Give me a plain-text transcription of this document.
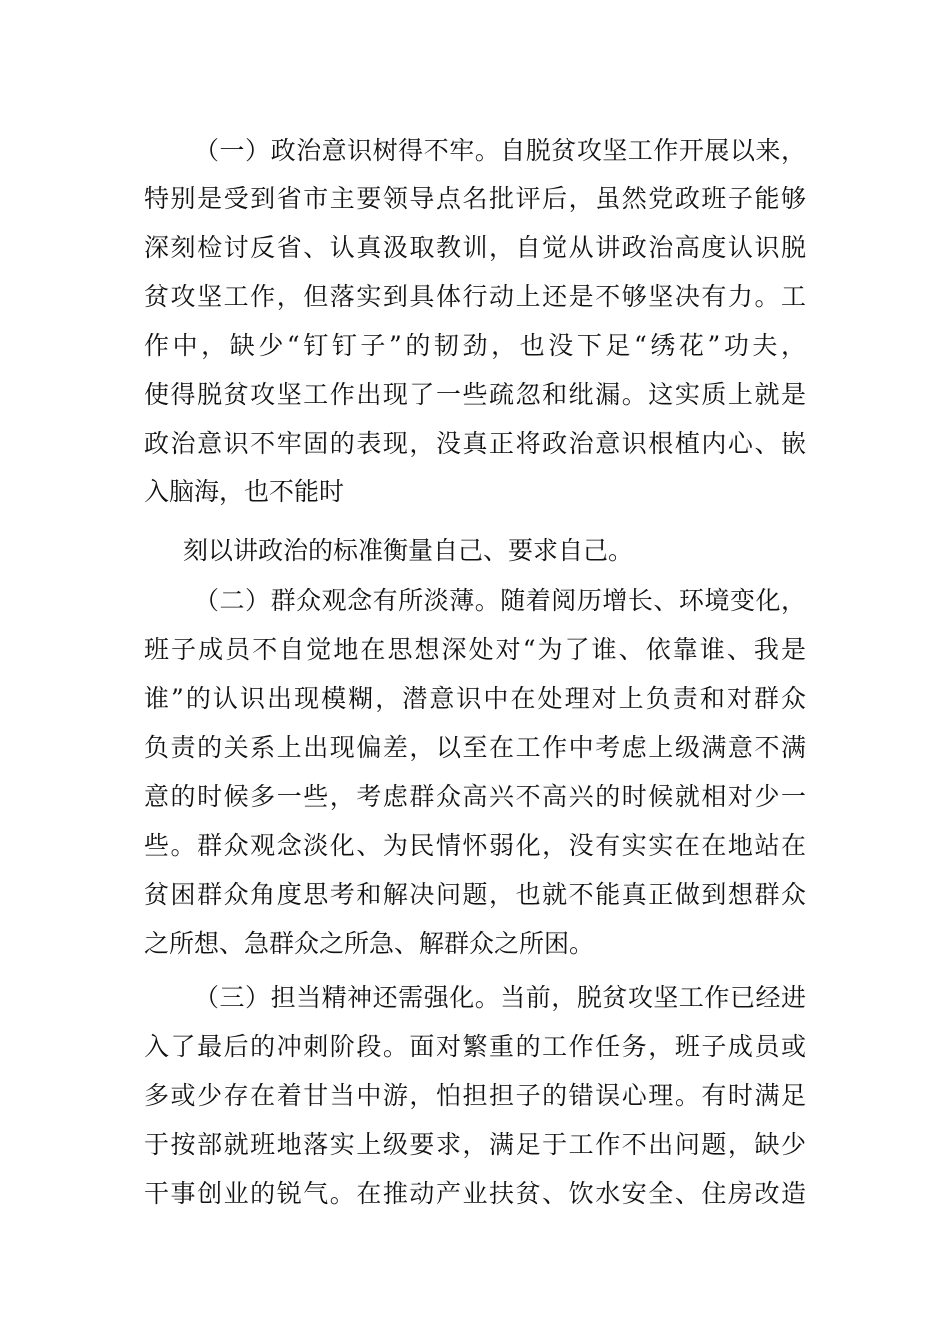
（一）政治意识树得不牢。自脱贫攻坚工作开展以来，

特别是受到省市主要领导点名批评后，虽然党政班子能够

深刻检讨反省、认真汲取教训，自觉从讲政治高度认识脱

贫攻坚工作，但落实到具体行动上还是不够坚决有力。工

作中，缺少“钉钉子”的韧劲，也没下足“绣花”功夫，

使得脱贫攻坚工作出现了一些疏忽和纰漏。这实质上就是

政治意识不牢固的表现，没真正将政治意识根植内心、嵌

入脑海，也不能时

刻以讲政治的标准衡量自己、要求自己。

（二）群众观念有所淡薄。随着阅历增长、环境变化，

班子成员不自觉地在思想深处对“为了谁、依靠谁、我是

谁”的认识出现模糊，潜意识中在处理对上负责和对群众

负责的关系上出现偏差，以至在工作中考虑上级满意不满

意的时候多一些，考虑群众高兴不高兴的时候就相对少一

些。群众观念淡化、为民情怀弱化，没有实实在在地站在

贫困群众角度思考和解决问题，也就不能真正做到想群众

之所想、急群众之所急、解群众之所困。

（三）担当精神还需强化。当前，脱贫攻坚工作已经进

入了最后的冲刺阶段。面对繁重的工作任务，班子成员或

多或少存在着甘当中游，怕担担子的错误心理。有时满足

于按部就班地落实上级要求，满足于工作不出问题，缺少

干事创业的锐气。在推动产业扶贫、饮水安全、住房改造
